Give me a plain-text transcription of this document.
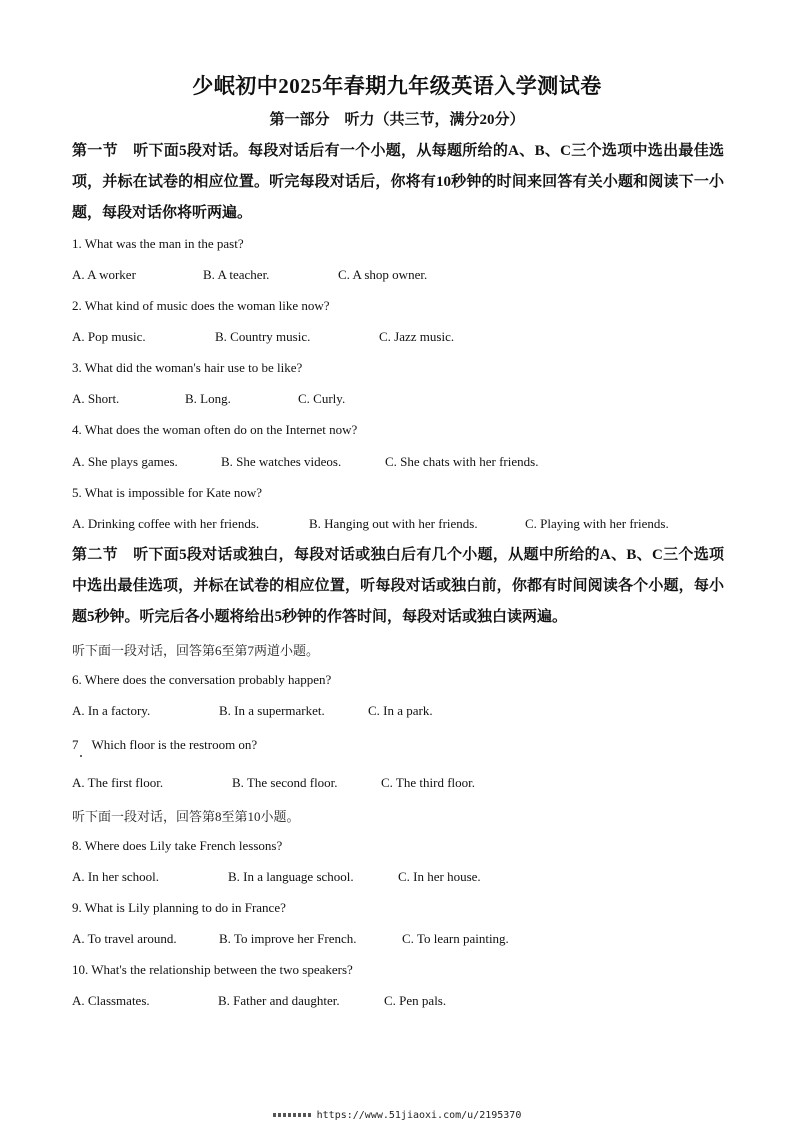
少岷初中2025年春期九年级英语入学测试卷
第一部分　听力（共三节，满分20分）
第一节　听下面5段对话。每段对话后有一个小题，从每题所给的A、B、C三个选项中选出最佳选项，并标在试卷的相应位置。听完每段对话后，你将有10秒钟的时间来回答有关小题和阅读下一小题，每段对话你将听两遍。
1. What was the man in the past?
A. A worker	B. A teacher.	C. A shop owner.
2. What kind of music does the woman like now?
A. Pop music.	B. Country music.	C. Jazz music.
3. What did the woman's hair use to be like?
A. Short.	B. Long.	C. Curly.
4. What does the woman often do on the Internet now?
A. She plays games.	B. She watches videos.	C. She chats with her friends.
5. What is impossible for Kate now?
A. Drinking coffee with her friends.	B. Hanging out with her friends.	C. Playing with her friends.
第二节　听下面5段对话或独白，每段对话或独白后有几个小题，从题中所给的A、B、C三个选项中选出最佳选项，并标在试卷的相应位置，听每段对话或独白前，你都有时间阅读各个小题，每小题5秒钟。听完后各小题将给出5秒钟的作答时间，每段对话或独白读两遍。
听下面一段对话，回答第6至第7两道小题。
6. Where does the conversation probably happen?
A. In a factory.	B. In a supermarket.	C. In a park.
7　Which floor is the restroom on?
A. The first floor.	B. The second floor.	C. The third floor.
听下面一段对话，回答第8至第10小题。
8. Where does Lily take French lessons?
A. In her school.	B. In a language school.	C. In her house.
9. What is Lily planning to do in France?
A. To travel around.	B. To improve her French.	C. To learn painting.
10. What's the relationship between the two speakers?
A. Classmates.	B. Father and daughter.	C. Pen pals.
https://www.51jiaoxi.com/u/2195370
